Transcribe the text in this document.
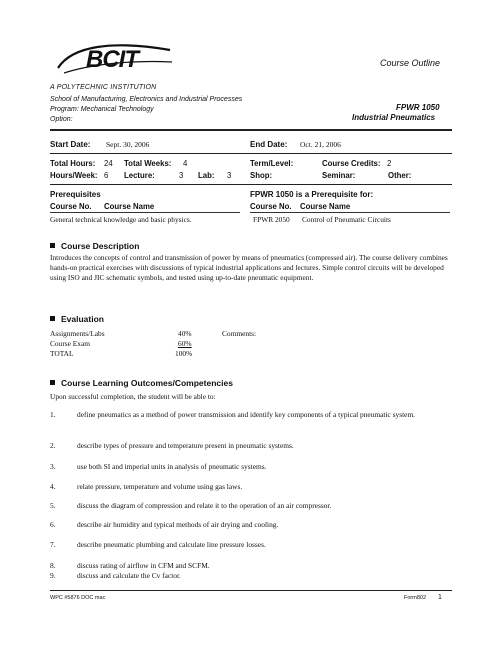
BCIT	Course Outline
A POLYTECHNIC INSTITUTION
School of Manufacturing, Electronics and Industrial Processes
Program: Mechanical Technology
Option:
FPWR 1050
Industrial Pneumatics
Start Date: Sept. 30, 2006	End Date: Oct. 21, 2006
Total Hours: 24 Total Weeks: 4	Term/Level:	Course Credits: 2
Hours/Week: 6 Lecture:	3 Lab: 3 Shop:	Seminar:	Other:
Prerequisites	FPWR 1050 is a Prerequisite for:
Course No. Course Name	Course No. Course Name
General technical knowledge and basic physics.	FPWR 2050 Control of Pneumatic Circuits
Course Description
Introduces the concepts of control and transmission of power by means of pneumatics (compressed air). The course delivery combines hands-on practical exercises with discussions of typical industrial applications and lectures. Simple control circuits will be developed using ISO and JIC schematic symbols, and tested using up-to-date pneumatic equipment.
Evaluation
Assignments/Labs	40%	Comments:
Course Exam	60%
TOTAL	100%
Course Learning Outcomes/Competencies
Upon successful completion, the student will be able to:
1.	define pneumatics as a method of power transmission and identify key components of a typical pneumatic system.
2.	describe types of pressure and temperature present in pneumatic systems.
3.	use both SI and imperial units in analysis of pneumatic systems.
4.	relate pressure, temperature and volume using gas laws.
5.	discuss the diagram of compression and relate it to the operation of an air compressor.
6.	describe air humidity and typical methods of air drying and cooling.
7.	describe pneumatic plumbing and calculate line pressure losses.
8.	discuss rating of airflow in CFM and SCFM.
9.	discuss and calculate the Cv factor.
WPC #5876 DOC mac	Form802 1
